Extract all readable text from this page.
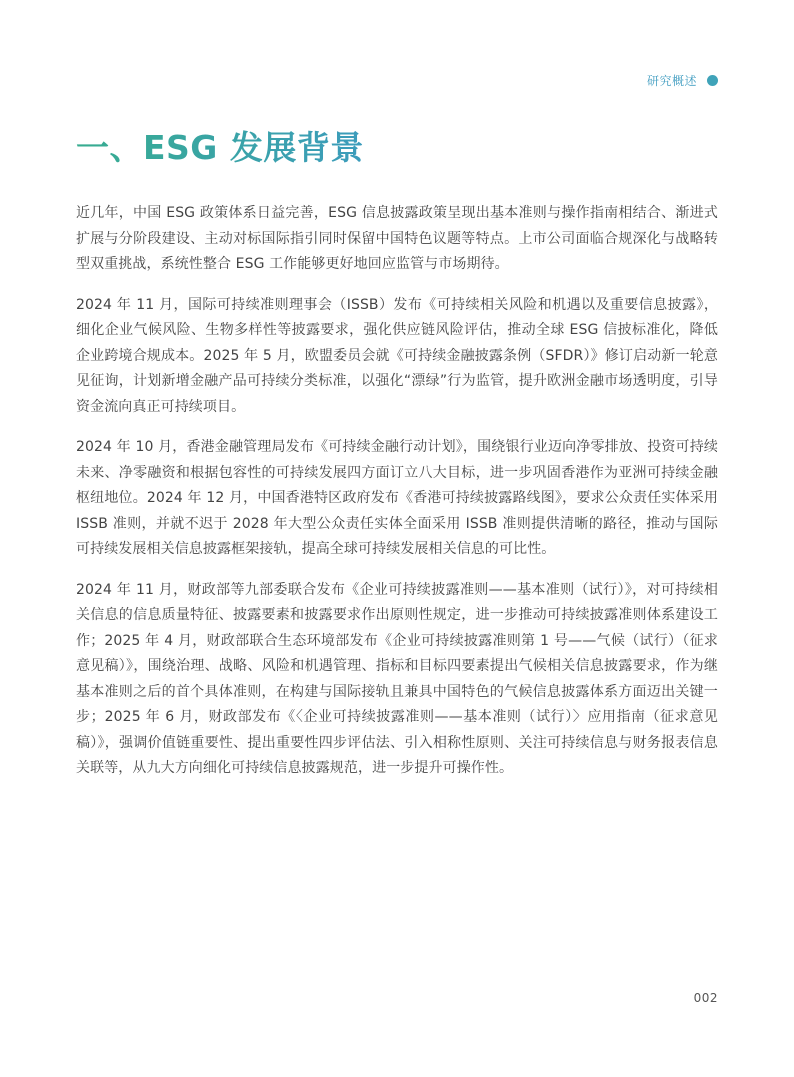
研究概述
一、ESG 发展背景

近几年，中国 ESG 政策体系日益完善，ESG 信息披露政策呈现出基本准则与操作指南相结合、渐进式扩展与分阶段建设、主动对标国际指引同时保留中国特色议题等特点。上市公司面临合规深化与战略转型双重挑战，系统性整合 ESG 工作能够更好地回应监管与市场期待。

2024 年 11 月，国际可持续准则理事会（ISSB）发布《可持续相关风险和机遇以及重要信息披露》，细化企业气候风险、生物多样性等披露要求，强化供应链风险评估，推动全球 ESG 信披标准化，降低企业跨境合规成本。2025 年 5 月，欧盟委员会就《可持续金融披露条例（SFDR）》修订启动新一轮意见征询，计划新增金融产品可持续分类标准，以强化“漂绿”行为监管，提升欧洲金融市场透明度，引导资金流向真正可持续项目。

2024 年 10 月，香港金融管理局发布《可持续金融行动计划》，围绕银行业迈向净零排放、投资可持续未来、净零融资和根据包容性的可持续发展四方面订立八大目标，进一步巩固香港作为亚洲可持续金融枢纽地位。2024 年 12 月，中国香港特区政府发布《香港可持续披露路线图》，要求公众责任实体采用 ISSB 准则，并就不迟于 2028 年大型公众责任实体全面采用 ISSB 准则提供清晰的路径，推动与国际可持续发展相关信息披露框架接轨，提高全球可持续发展相关信息的可比性。

2024 年 11 月，财政部等九部委联合发布《企业可持续披露准则——基本准则（试行）》，对可持续相关信息的信息质量特征、披露要素和披露要求作出原则性规定，进一步推动可持续披露准则体系建设工作；2025 年 4 月，财政部联合生态环境部发布《企业可持续披露准则第 1 号——气候（试行）（征求意见稿）》，围绕治理、战略、风险和机遇管理、指标和目标四要素提出气候相关信息披露要求，作为继基本准则之后的首个具体准则，在构建与国际接轨且兼具中国特色的气候信息披露体系方面迈出关键一步；2025 年 6 月，财政部发布《〈企业可持续披露准则——基本准则（试行）〉应用指南（征求意见稿）》，强调价值链重要性、提出重要性四步评估法、引入相称性原则、关注可持续信息与财务报表信息关联等，从九大方向细化可持续信息披露规范，进一步提升可操作性。

002
